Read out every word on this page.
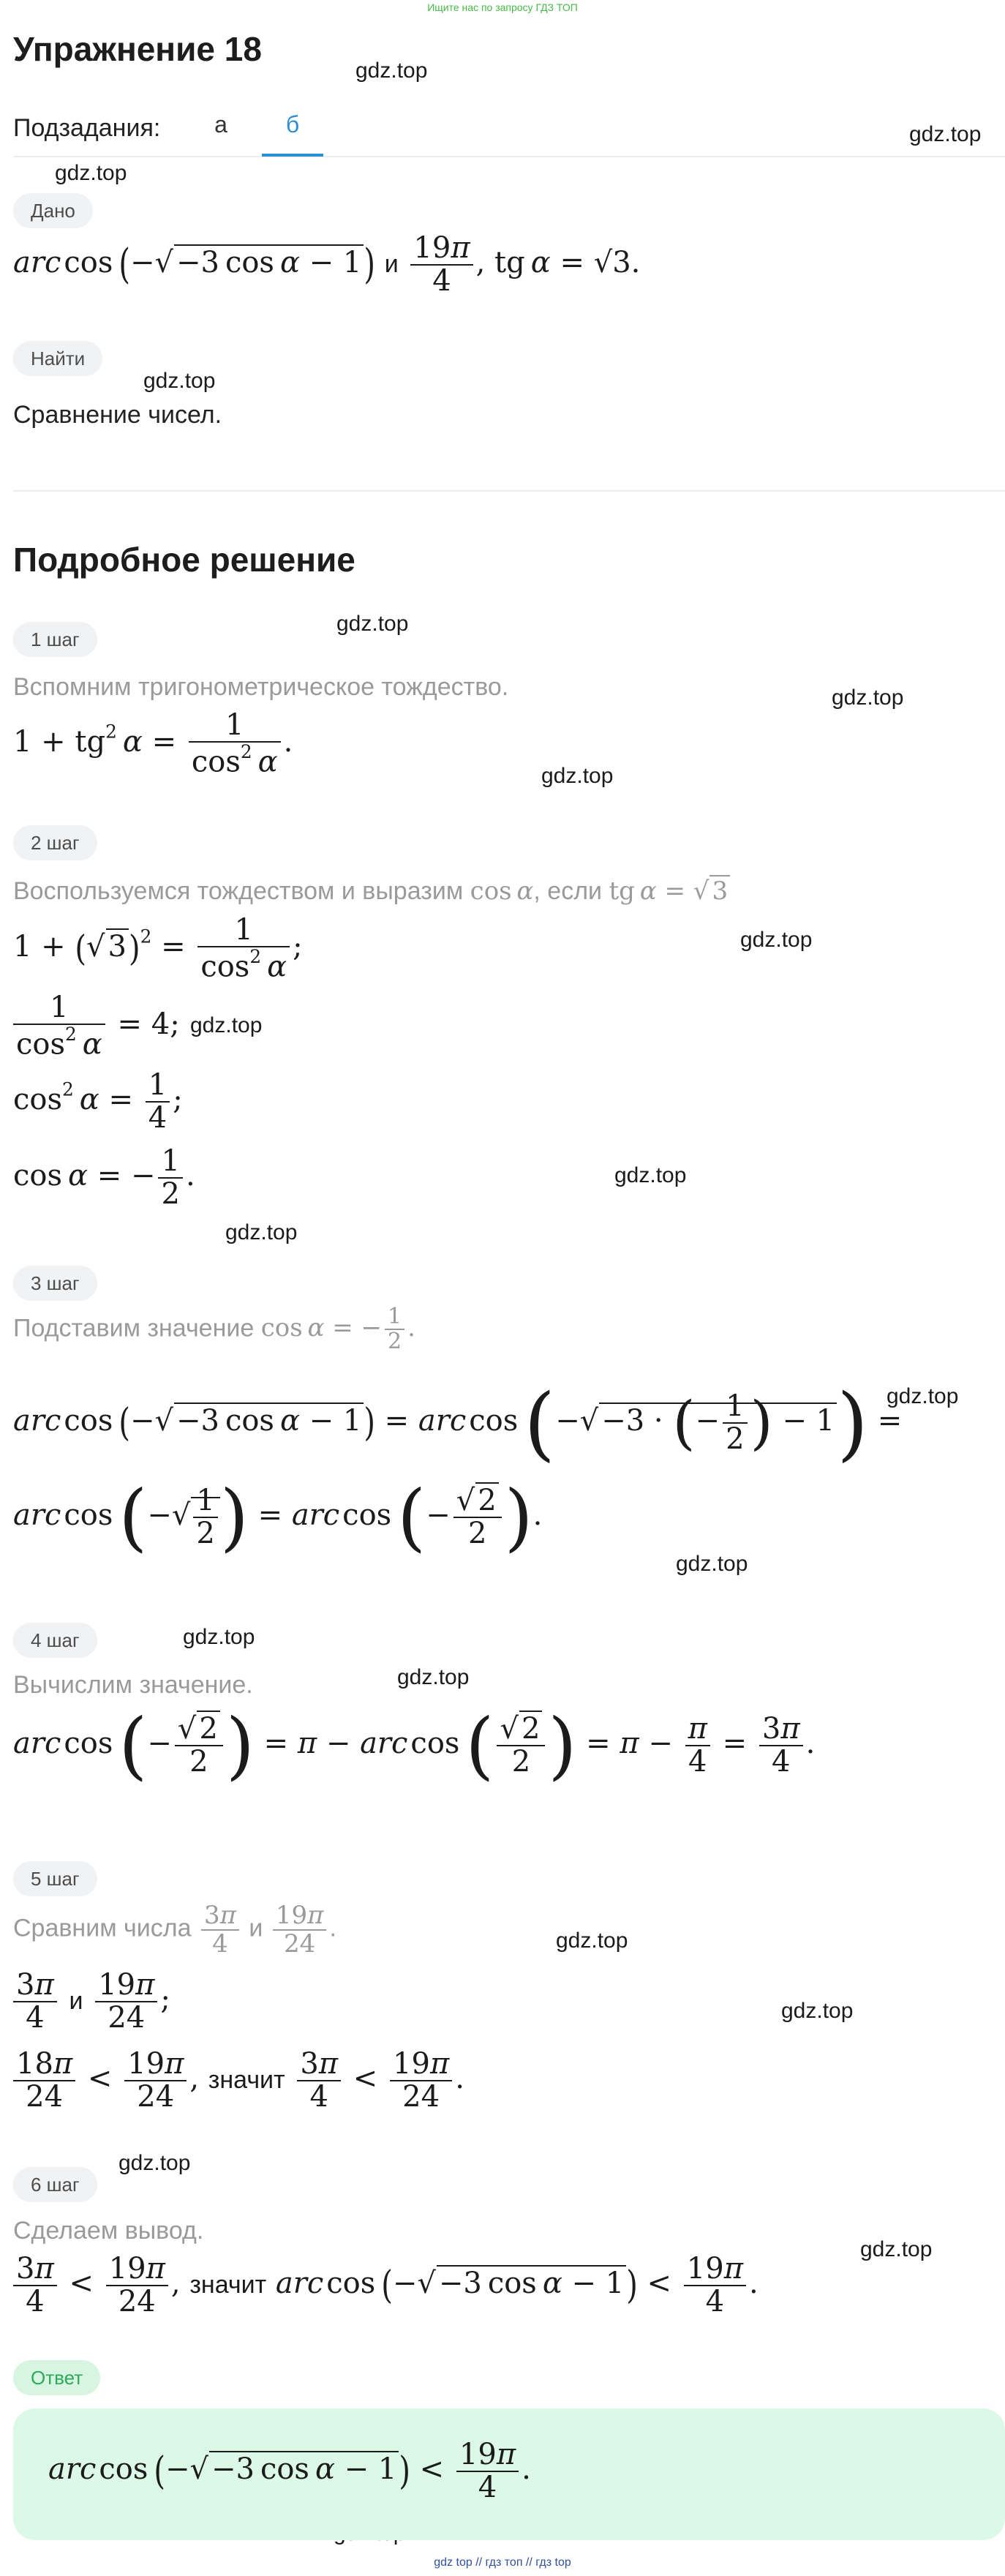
Ищите нас по запросу ГДЗ ТОП
Упражнение 18
gdz.top
gdz.top
gdz.top
gdz.top
gdz.top
gdz.top
gdz.top
gdz.top
gdz.top
gdz.top
gdz.top
gdz.top
gdz.top
gdz.top
gdz.top
gdz.top
gdz.top
gdz.top
gdz.top
Подзадания:	а	б
Дано
arc cos (−√ −3 cos α − 1) и $\frac{19\pi}{4}$ , tg  α = √3.
Найти
Сравнение чисел.
Подробное решение
1 шаг
Вспомним тригонометрическое тождество.
$1 + tg^2$  $\alpha = \frac{1}{\cos^2 \alpha}$ .
2 шаг
Воспользуемся тождеством и выразим cos α, если tg α = √ 3
1 + (√ $3)^2 = \frac{1}{\cos^2 \alpha}$ ;
$\frac{1}{\cos^2 \alpha} = 4$;
$\cos^2 \alpha = \frac{1}{4}$ ;
cos α = − $\frac{1}{2}$ .
3 шаг
Подставим значение cos α = − $\frac{1}{2}$ .
arc cos (−√ −3 cos α − 1) = arc cos (−√ −3 · (− $\frac{1}{2}$ ) − 1) =
arc cos (−√ $\frac{1}{2}$ ) = arc cos (− $\frac{√ 2}{2}$ ).
4 шаг
Вычислим значение.
arc cos (− $\frac{√ 2}{2}$ ) = π − arc cos ( $\frac{√ 2}{2}$ ) = $\pi - \frac{\pi}{4} = \frac{3\pi}{4}$ .
5 шаг
Сравним числа $\frac{3\pi}{4}$ и $\frac{19\pi}{24}$ .
$\frac{3\pi}{4}$ и $\frac{19\pi}{24}$ ;
$\frac{18\pi}{24} < \frac{19\pi}{24}$ , значит $\frac{3\pi}{4} < \frac{19\pi}{24}$ .
6 шаг
Сделаем вывод.
$\frac{3\pi}{4} < \frac{19\pi}{24}$ , значит arc cos (−√ −3 $\cos \alpha - 1) < \frac{19\pi}{4}$ .
Ответ
arc cos (−√ −3 $\cos \alpha - 1) < \frac{19\pi}{4}$ .
gdz top // гдз топ // гдз top
